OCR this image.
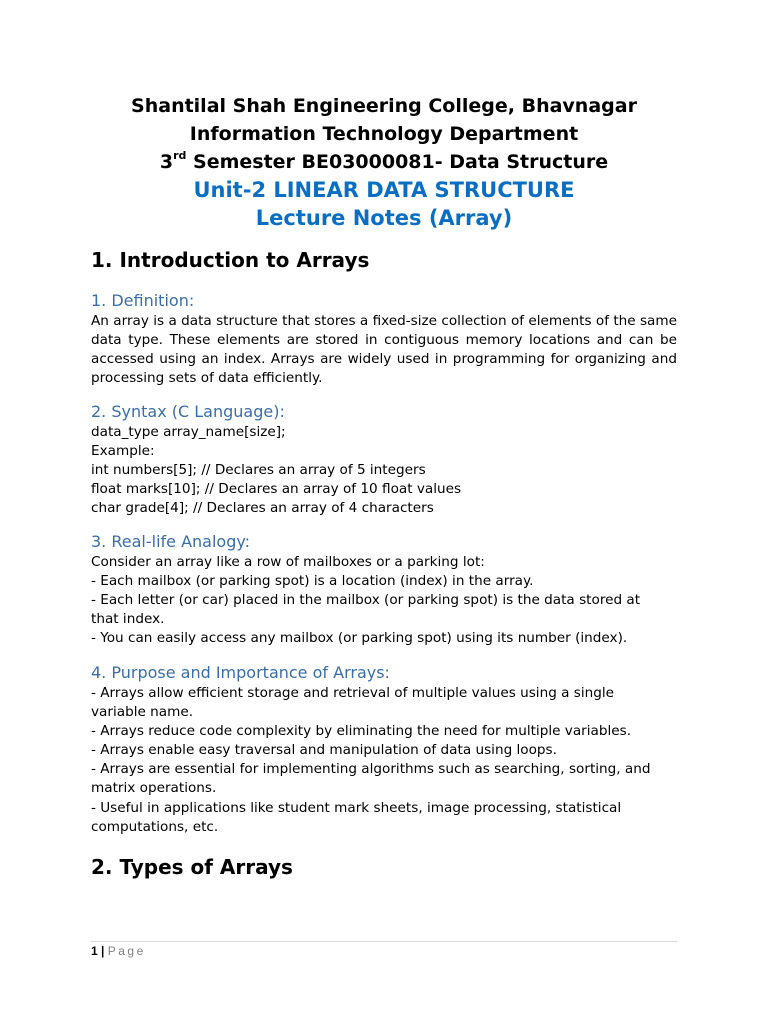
Shantilal Shah Engineering College, Bhavnagar
Information Technology Department
3rd Semester BE03000081- Data Structure
Unit-2 LINEAR DATA STRUCTURE
Lecture Notes (Array)
1. Introduction to Arrays
1. Definition:
An array is a data structure that stores a fixed-size collection of elements of the same data type. These elements are stored in contiguous memory locations and can be accessed using an index. Arrays are widely used in programming for organizing and processing sets of data efficiently.
2. Syntax (C Language):
data_type array_name[size];
Example:
int numbers[5]; // Declares an array of 5 integers
float marks[10]; // Declares an array of 10 float values
char grade[4]; // Declares an array of 4 characters
3. Real-life Analogy:
Consider an array like a row of mailboxes or a parking lot:
- Each mailbox (or parking spot) is a location (index) in the array.
- Each letter (or car) placed in the mailbox (or parking spot) is the data stored at
that index.
- You can easily access any mailbox (or parking spot) using its number (index).
4. Purpose and Importance of Arrays:
- Arrays allow efficient storage and retrieval of multiple values using a single
variable name.
- Arrays reduce code complexity by eliminating the need for multiple variables.
- Arrays enable easy traversal and manipulation of data using loops.
- Arrays are essential for implementing algorithms such as searching, sorting, and
matrix operations.
- Useful in applications like student mark sheets, image processing, statistical
computations, etc.
2. Types of Arrays
1 | Page
